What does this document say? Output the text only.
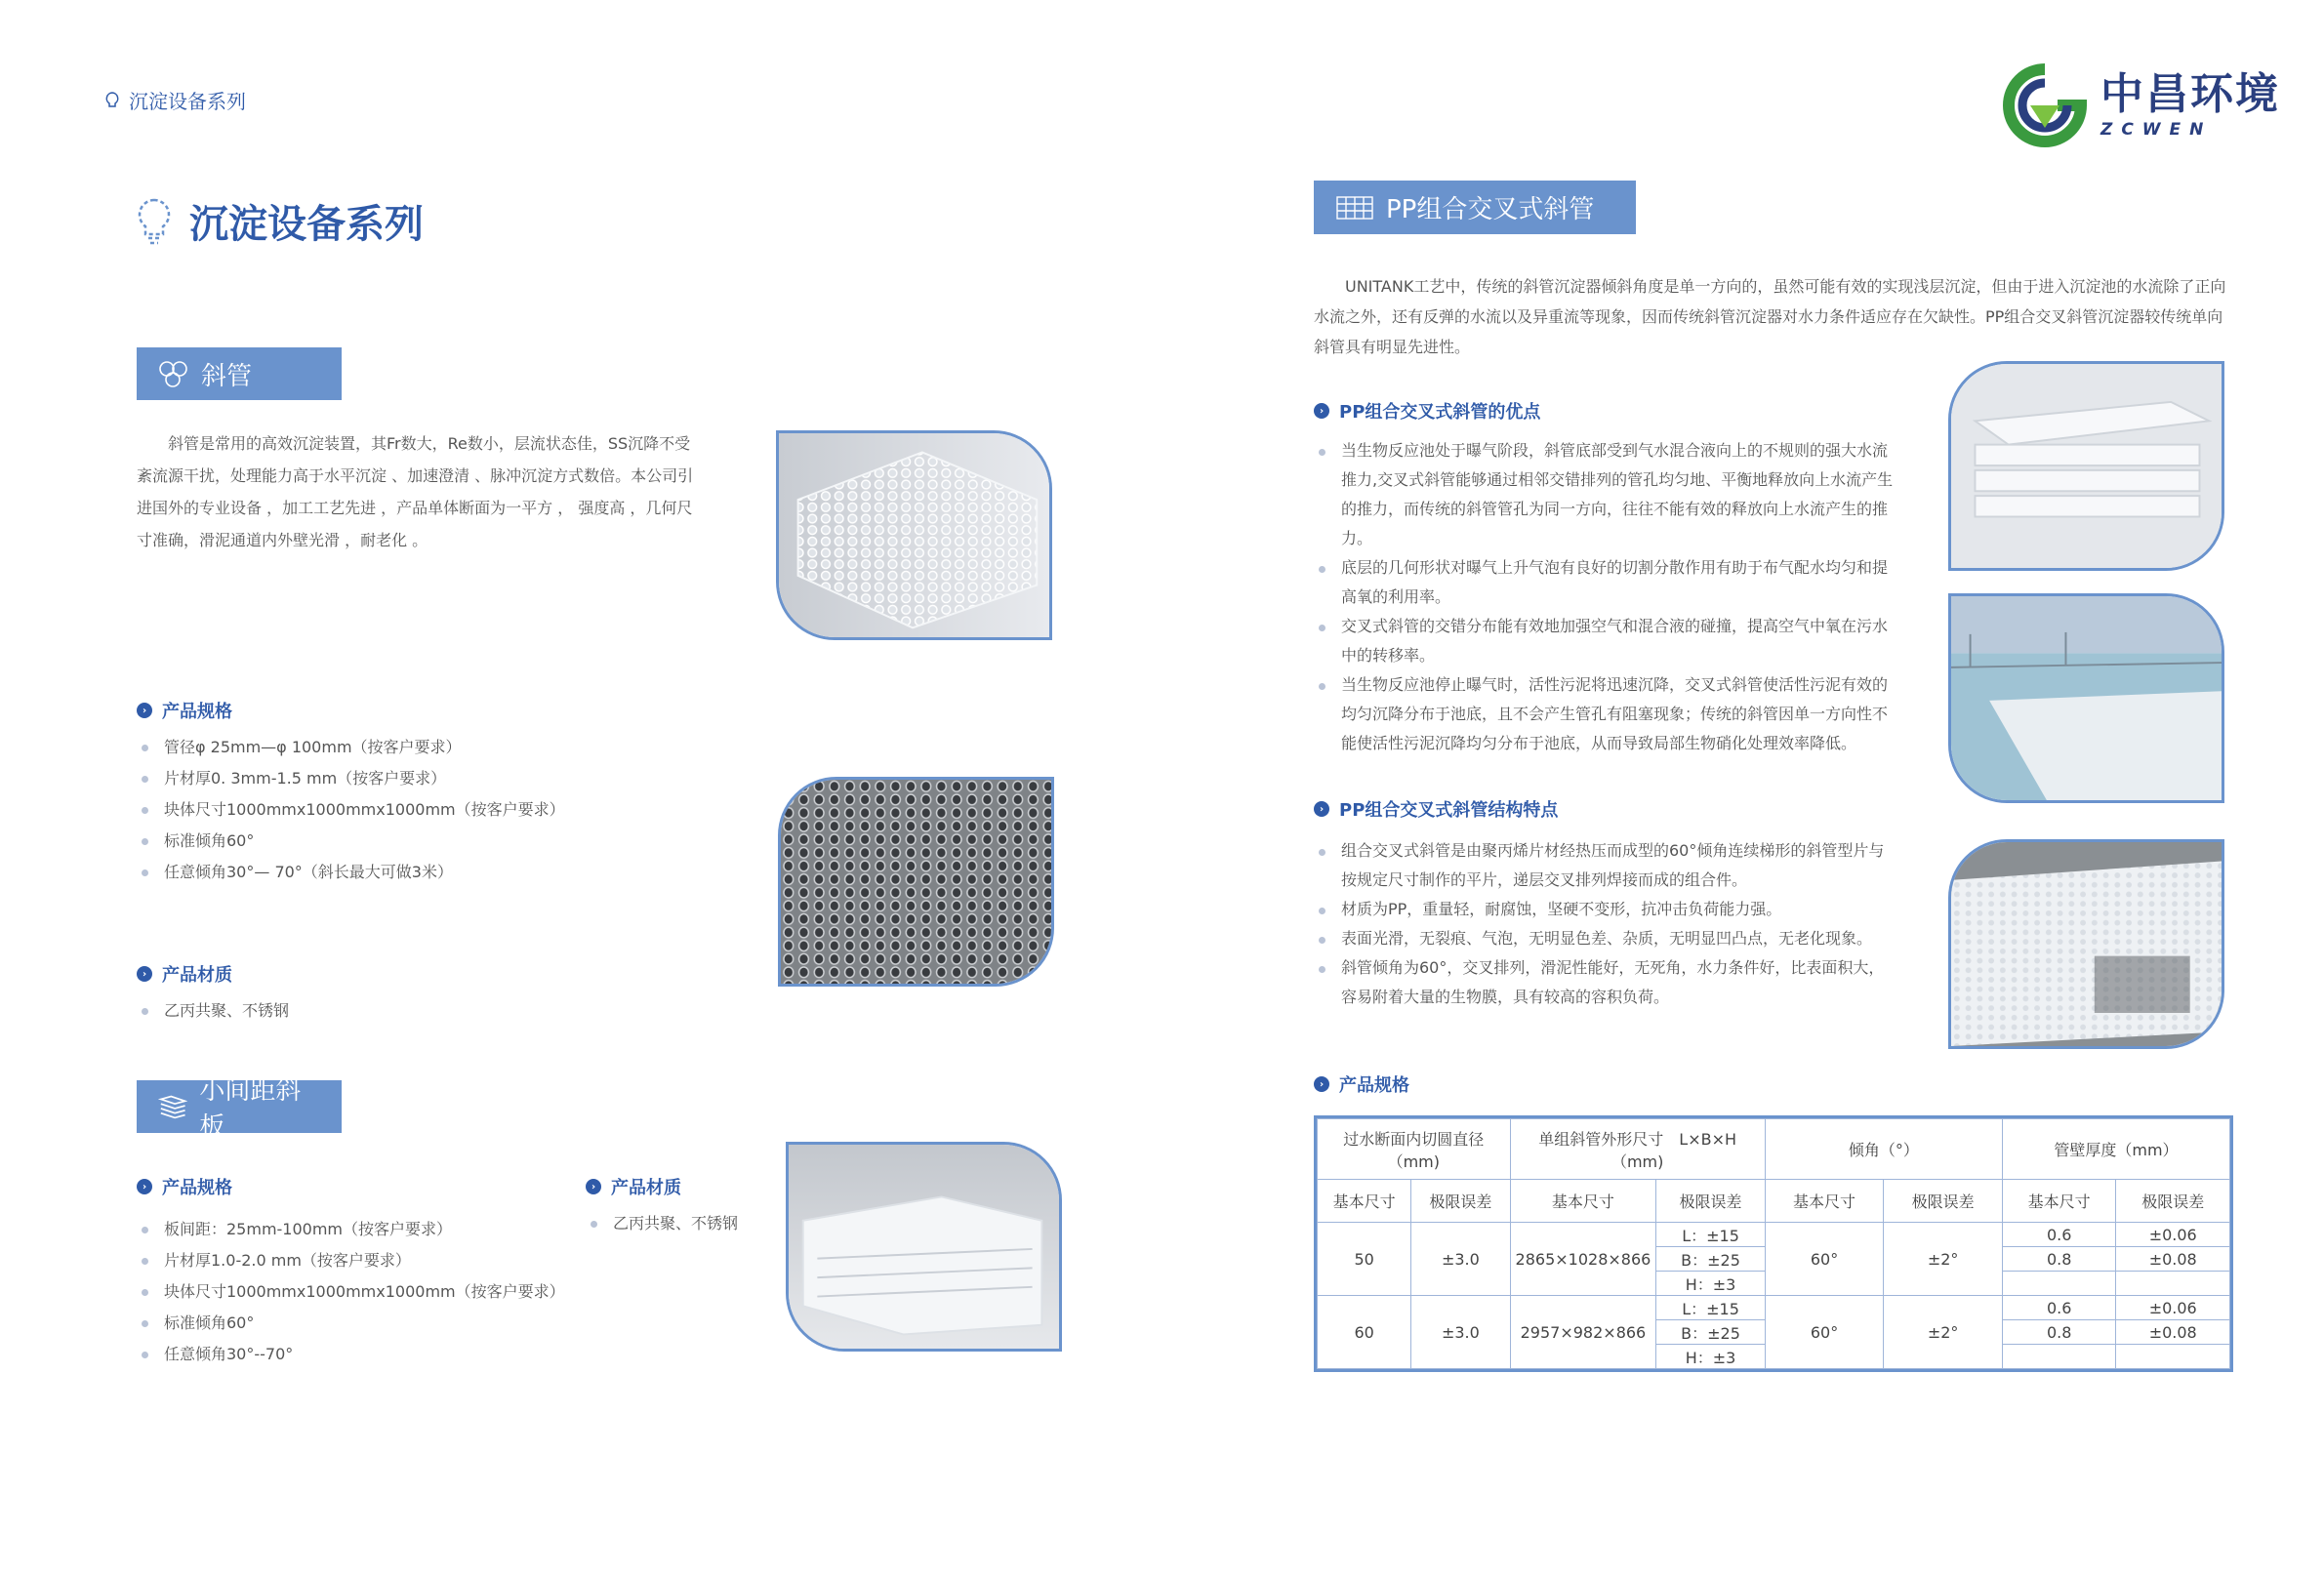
沉淀设备系列	中昌环境
ZCWEN
沉淀设备系列
斜管
斜管是常用的高效沉淀装置，其Fr数大，Re数小，层流状态佳，SS沉降不受紊流源干扰，处理能力高于水平沉淀 、加速澄清 、脉冲沉淀方式数倍。本公司引进国外的专业设备 ，加工工艺先进 ，产品单体断面为一平方 ， 强度高 ，几何尺寸准确，滑泥通道内外壁光滑 ，耐老化 。
› 产品规格
管径φ 25mm—φ 100mm（按客户要求）
片材厚0. 3mm-1.5 mm（按客户要求）
块体尺寸1000mmx1000mmx1000mm（按客户要求）
标准倾角60°
任意倾角30°— 70°（斜长最大可做3米）
› 产品材质
乙丙共聚、不锈钢
小间距斜板
› 产品规格
板间距：25mm-100mm（按客户要求）
片材厚1.0-2.0 mm（按客户要求）
块体尺寸1000mmx1000mmx1000mm（按客户要求）
标准倾角60°
任意倾角30°--70°
› 产品材质
乙丙共聚、不锈钢
PP组合交叉式斜管
UNITANK工艺中，传统的斜管沉淀器倾斜角度是单一方向的，虽然可能有效的实现浅层沉淀，但由于进入沉淀池的水流除了正向水流之外，还有反弹的水流以及异重流等现象，因而传统斜管沉淀器对水力条件适应存在欠缺性。PP组合交叉斜管沉淀器较传统单向斜管具有明显先进性。
› PP组合交叉式斜管的优点
当生物反应池处于曝气阶段，斜管底部受到气水混合液向上的不规则的强大水流推力,交叉式斜管能够通过相邻交错排列的管孔均匀地、平衡地释放向上水流产生的推力，而传统的斜管管孔为同一方向，往往不能有效的释放向上水流产生的推力。
底层的几何形状对曝气上升气泡有良好的切割分散作用有助于布气配水均匀和提高氧的利用率。
交叉式斜管的交错分布能有效地加强空气和混合液的碰撞，提高空气中氧在污水中的转移率。
当生物反应池停止曝气时，活性污泥将迅速沉降，交叉式斜管使活性污泥有效的均匀沉降分布于池底，且不会产生管孔有阻塞现象；传统的斜管因单一方向性不能使活性污泥沉降均匀分布于池底，从而导致局部生物硝化处理效率降低。
› PP组合交叉式斜管结构特点
组合交叉式斜管是由聚丙烯片材经热压而成型的60°倾角连续梯形的斜管型片与按规定尺寸制作的平片，递层交叉排列焊接而成的组合件。
材质为PP，重量轻，耐腐蚀，坚硬不变形，抗冲击负荷能力强。
表面光滑，无裂痕、气泡，无明显色差、杂质，无明显凹凸点，无老化现象。
斜管倾角为60°，交叉排列，滑泥性能好，无死角，水力条件好，比表面积大，容易附着大量的生物膜，具有较高的容积负荷。
› 产品规格
过水断面内切圆直径（mm)		单组斜管外形尺寸　L×B×H（mm)		倾角（°）		管壁厚度（mm）	
基本尺寸	极限误差	基本尺寸	极限误差	基本尺寸	极限误差	基本尺寸	极限误差
50	±3.0	2865×1028×866	L：±15	60°	±2°	0.6	±0.06
			B：±25			0.8	±0.08
			H：±3				
60	±3.0	2957×982×866	L：±15	60°	±2°	0.6	±0.06
			B：±25			0.8	±0.08
			H：±3				
